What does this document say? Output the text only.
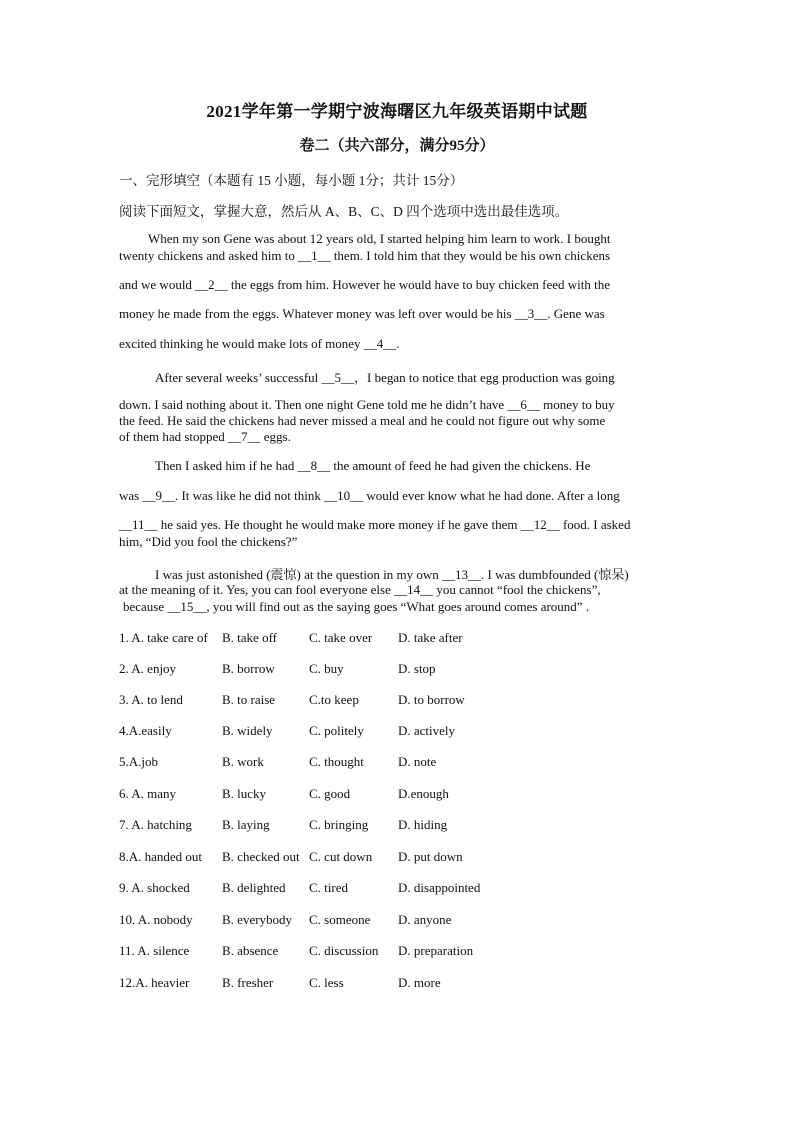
2021学年第一学期宁波海曙区九年级英语期中试题
卷二（共六部分，满分95分）
一、完形填空（本题有 15 小题，每小题 1分；共计 15分）
阅读下面短文，掌握大意，然后从 A、B、C、D 四个选项中选出最佳选项。
When my son Gene was about 12 years old, I started helping him learn to work. I bought
twenty chickens and asked him to __1__ them. I told him that they would be his own chickens
and we would __2__ the eggs from him. However he would have to buy chicken feed with the
money he made from the eggs. Whatever money was left over would be his __3__. Gene was
excited thinking he would make lots of money __4__.
After several weeks’ successful __5__，I began to notice that egg production was going
down. I said nothing about it. Then one night Gene told me he didn’t have __6__ money to buy
the feed. He said the chickens had never missed a meal and he could not figure out why some
of them had stopped __7__ eggs.
Then I asked him if he had __8__ the amount of feed he had given the chickens. He
was __9__. It was like he did not think __10__ would ever know what he had done. After a long
__11__ he said yes. He thought he would make more money if he gave them __12__ food. I asked
him, “Did you fool the chickens?”
I was just astonished (震惊) at the question in my own __13__. I was dumbfounded (惊呆)
at the meaning of it. Yes, you can fool everyone else __14__ you cannot “fool the chickens”,
because __15__, you will find out as the saying goes “What goes around comes around” .
1. A. take care of B. take off C. take over D. take after
2. A. enjoy	B. borrow	C. buy	D. stop
3. A. to lend	B. to raise	C.to keep	D. to borrow
4.A.easily	B. widely	C. politely	D. actively
5.A.job	B. work	C. thought	D. note
6. A. many	B. lucky	C. good	D.enough
7. A. hatching B. laying	C. bringing D. hiding
8.A. handed out B. checked out C. cut down D. put down
9. A. shocked B. delighted C. tired	D. disappointed
10. A. nobody B. everybody C. someone D. anyone
11. A. silence	B. absence C. discussion D. preparation
12.A. heavier	B. fresher	C. less	D. more
